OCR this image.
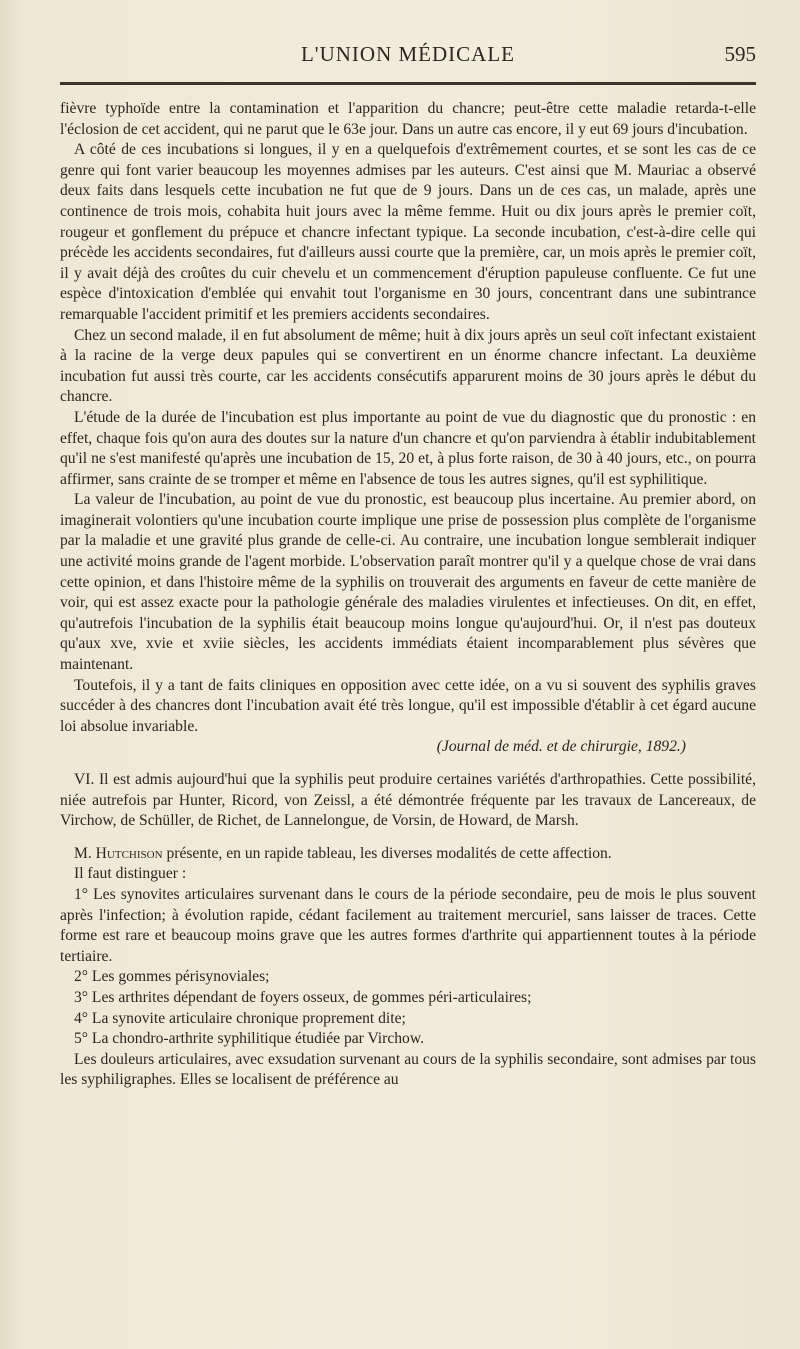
L'UNION MÉDICALE	595

fièvre typhoïde entre la contamination et l'apparition du chancre; peut-être cette maladie retarda-t-elle l'éclosion de cet accident, qui ne parut que le 63e jour. Dans un autre cas encore, il y eut 69 jours d'incubation.

A côté de ces incubations si longues, il y en a quelquefois d'extrêmement courtes, et se sont les cas de ce genre qui font varier beaucoup les moyennes admises par les auteurs. C'est ainsi que M. Mauriac a observé deux faits dans lesquels cette incubation ne fut que de 9 jours. Dans un de ces cas, un malade, après une continence de trois mois, cohabita huit jours avec la même femme. Huit ou dix jours après le premier coït, rougeur et gonflement du prépuce et chancre infectant typique. La seconde incubation, c'est-à-dire celle qui précède les accidents secondaires, fut d'ailleurs aussi courte que la première, car, un mois après le premier coït, il y avait déjà des croûtes du cuir chevelu et un commencement d'éruption papuleuse confluente. Ce fut une espèce d'intoxication d'emblée qui envahit tout l'organisme en 30 jours, concentrant dans une subintrance remarquable l'accident primitif et les premiers accidents secondaires.

Chez un second malade, il en fut absolument de même; huit à dix jours après un seul coït infectant existaient à la racine de la verge deux papules qui se convertirent en un énorme chancre infectant. La deuxième incubation fut aussi très courte, car les accidents consécutifs apparurent moins de 30 jours après le début du chancre.

L'étude de la durée de l'incubation est plus importante au point de vue du diagnostic que du pronostic : en effet, chaque fois qu'on aura des doutes sur la nature d'un chancre et qu'on parviendra à établir indubitablement qu'il ne s'est manifesté qu'après une incubation de 15, 20 et, à plus forte raison, de 30 à 40 jours, etc., on pourra affirmer, sans crainte de se tromper et même en l'absence de tous les autres signes, qu'il est syphilitique.

La valeur de l'incubation, au point de vue du pronostic, est beaucoup plus incertaine. Au premier abord, on imaginerait volontiers qu'une incubation courte implique une prise de possession plus complète de l'organisme par la maladie et une gravité plus grande de celle-ci. Au contraire, une incubation longue semblerait indiquer une activité moins grande de l'agent morbide. L'observation paraît montrer qu'il y a quelque chose de vrai dans cette opinion, et dans l'histoire même de la syphilis on trouverait des arguments en faveur de cette manière de voir, qui est assez exacte pour la pathologie générale des maladies virulentes et infectieuses. On dit, en effet, qu'autrefois l'incubation de la syphilis était beaucoup moins longue qu'aujourd'hui. Or, il n'est pas douteux qu'aux xve, xvie et xviie siècles, les accidents immédiats étaient incomparablement plus sévères que maintenant.

Toutefois, il y a tant de faits cliniques en opposition avec cette idée, on a vu si souvent des syphilis graves succéder à des chancres dont l'incubation avait été très longue, qu'il est impossible d'établir à cet égard aucune loi absolue invariable.

(Journal de méd. et de chirurgie, 1892.)

VI. Il est admis aujourd'hui que la syphilis peut produire certaines variétés d'arthropathies. Cette possibilité, niée autrefois par Hunter, Ricord, von Zeissl, a été démontrée fréquente par les travaux de Lancereaux, de Virchow, de Schüller, de Richet, de Lannelongue, de Vorsin, de Howard, de Marsh.

M. Hutchison présente, en un rapide tableau, les diverses modalités de cette affection.

Il faut distinguer :

1° Les synovites articulaires survenant dans le cours de la période secondaire, peu de mois le plus souvent après l'infection; à évolution rapide, cédant facilement au traitement mercuriel, sans laisser de traces. Cette forme est rare et beaucoup moins grave que les autres formes d'arthrite qui appartiennent toutes à la période tertiaire.

2° Les gommes périsynoviales;

3° Les arthrites dépendant de foyers osseux, de gommes péri-articulaires;

4° La synovite articulaire chronique proprement dite;

5° La chondro-arthrite syphilitique étudiée par Virchow.

Les douleurs articulaires, avec exsudation survenant au cours de la syphilis secondaire, sont admises par tous les syphiligraphes. Elles se localisent de préférence au
